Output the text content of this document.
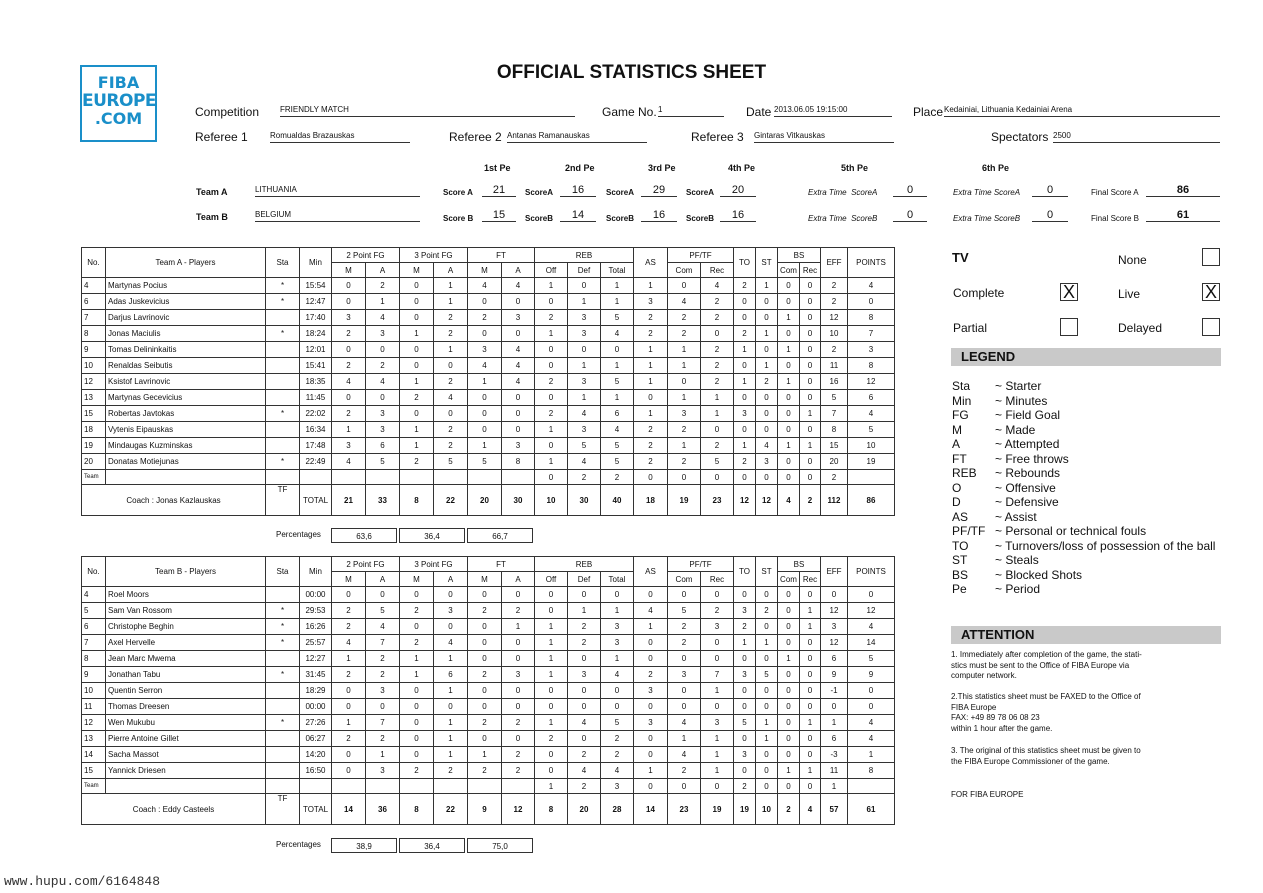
FIBA
EUROPE
.COM
OFFICIAL STATISTICS SHEET
Competition	FRIENDLY MATCH	Game No. 1	Date 2013.06.05 19:15:00	Place Kedainiai, Lithuania Kedainiai Arena
Referee 1	Romualdas Brazauskas	Referee 2 Antanas Ramanauskas	Referee 3 Gintaras Vitkauskas	Spectators 2500
1st Pe	2nd Pe	3rd Pe	4th Pe	5th Pe	6th Pe
Team A	LITHUANIA	Score A	21	ScoreA	16	ScoreA	29	ScoreA	20	Extra Time ScoreA	0	Extra Time ScoreA	0	Final Score A	86
Team B	BELGIUM	Score B	15	ScoreB	14	ScoreB	16	ScoreB	16	Extra Time ScoreB	0	Extra Time ScoreB	0	Final Score B	61
No.	Team A - Players	Sta	Min	2 Point FG		3 Point FG		FT		REB			AS	PF/TF		TO	ST	BS		EFF	POINTS
				M	A	M	A	M	A	Off	Def	Total		Com	Rec			Com	Rec		
4	Martynas Pocius	*	15:54	0	2	0	1	4	4	1	0	1	1	0	4	2	1	0	0	2	4
6	Adas Juskevicius	*	12:47	0	1	0	1	0	0	0	1	1	3	4	2	0	0	0	0	2	0
7	Darjus Lavrinovic		17:40	3	4	0	2	2	3	2	3	5	2	2	2	0	0	1	0	12	8
8	Jonas Maciulis	*	18:24	2	3	1	2	0	0	1	3	4	2	2	0	2	1	0	0	10	7
9	Tomas Delininkaitis		12:01	0	0	0	1	3	4	0	0	0	1	1	2	1	0	1	0	2	3
10	Renaldas Seibutis		15:41	2	2	0	0	4	4	0	1	1	1	1	2	0	1	0	0	11	8
12	Ksistof Lavrinovic		18:35	4	4	1	2	1	4	2	3	5	1	0	2	1	2	1	0	16	12
13	Martynas Gecevicius		11:45	0	0	2	4	0	0	0	1	1	0	1	1	0	0	0	0	5	6
15	Robertas Javtokas	*	22:02	2	3	0	0	0	0	2	4	6	1	3	1	3	0	0	1	7	4
18	Vytenis Eipauskas		16:34	1	3	1	2	0	0	1	3	4	2	2	0	0	0	0	0	8	5
19	Mindaugas Kuzminskas		17:48	3	6	1	2	1	3	0	5	5	2	1	2	1	4	1	1	15	10
20	Donatas Motiejunas	*	22:49	4	5	2	5	5	8	1	4	5	2	2	5	2	3	0	0	20	19
Team										0	2	2	0	0	0	0	0	0	0	2	
Coach : Jonas Kazlauskas		TF	TOTAL	21	33	8	22	20	30	10	30	40	18	19	23	12	12	4	2	112	86
Percentages	63,6	36,4	66,7
No.	Team B - Players	Sta	Min	2 Point FG		3 Point FG		FT		REB			AS	PF/TF		TO	ST	BS		EFF	POINTS
				M	A	M	A	M	A	Off	Def	Total		Com	Rec			Com	Rec		
4	Roel Moors		00:00	0	0	0	0	0	0	0	0	0	0	0	0	0	0	0	0	0	0
5	Sam Van Rossom	*	29:53	2	5	2	3	2	2	0	1	1	4	5	2	3	2	0	1	12	12
6	Christophe Beghin	*	16:26	2	4	0	0	0	1	1	2	3	1	2	3	2	0	0	1	3	4
7	Axel Hervelle	*	25:57	4	7	2	4	0	0	1	2	3	0	2	0	1	1	0	0	12	14
8	Jean Marc Mwema		12:27	1	2	1	1	0	0	1	0	1	0	0	0	0	0	1	0	6	5
9	Jonathan Tabu	*	31:45	2	2	1	6	2	3	1	3	4	2	3	7	3	5	0	0	9	9
10	Quentin Serron		18:29	0	3	0	1	0	0	0	0	0	3	0	1	0	0	0	0	-1	0
11	Thomas Dreesen		00:00	0	0	0	0	0	0	0	0	0	0	0	0	0	0	0	0	0	0
12	Wen Mukubu	*	27:26	1	7	0	1	2	2	1	4	5	3	4	3	5	1	0	1	1	4
13	Pierre Antoine Gillet		06:27	2	2	0	1	0	0	2	0	2	0	1	1	0	1	0	0	6	4
14	Sacha Massot		14:20	0	1	0	1	1	2	0	2	2	0	4	1	3	0	0	0	-3	1
15	Yannick Driesen		16:50	0	3	2	2	2	2	0	4	4	1	2	1	0	0	1	1	11	8
Team										1	2	3	0	0	0	2	0	0	0	1	
Coach : Eddy Casteels		TF	TOTAL	14	36	8	22	9	12	8	20	28	14	23	19	19	10	2	4	57	61
Percentages	38,9	36,4	75,0
TV	None
Complete	X	Live	X
Partial	Delayed
LEGEND
Sta ~ Starter
Min ~ Minutes
FG ~ Field Goal
M	~ Made
A	~ Attempted
FT ~ Free throws
REB ~ Rebounds
O	~ Offensive
D	~ Defensive
AS ~ Assist
PF/TF ~ Personal or technical fouls
TO ~ Turnovers/loss of possession of the ball
ST ~ Steals
BS ~ Blocked Shots
Pe ~ Period
ATTENTION
1. Immediately after completion of the game, the stati-
stics must be sent to the Office of FIBA Europe via
computer network.
2.This statistics sheet must be FAXED to the Office of
FIBA Europe
FAX: +49 89 78 06 08 23
within 1 hour after the game.
3. The original of this statistics sheet must be given to
the FIBA Europe Commissioner of the game.
FOR FIBA EUROPE
www.hupu.com/6164848
